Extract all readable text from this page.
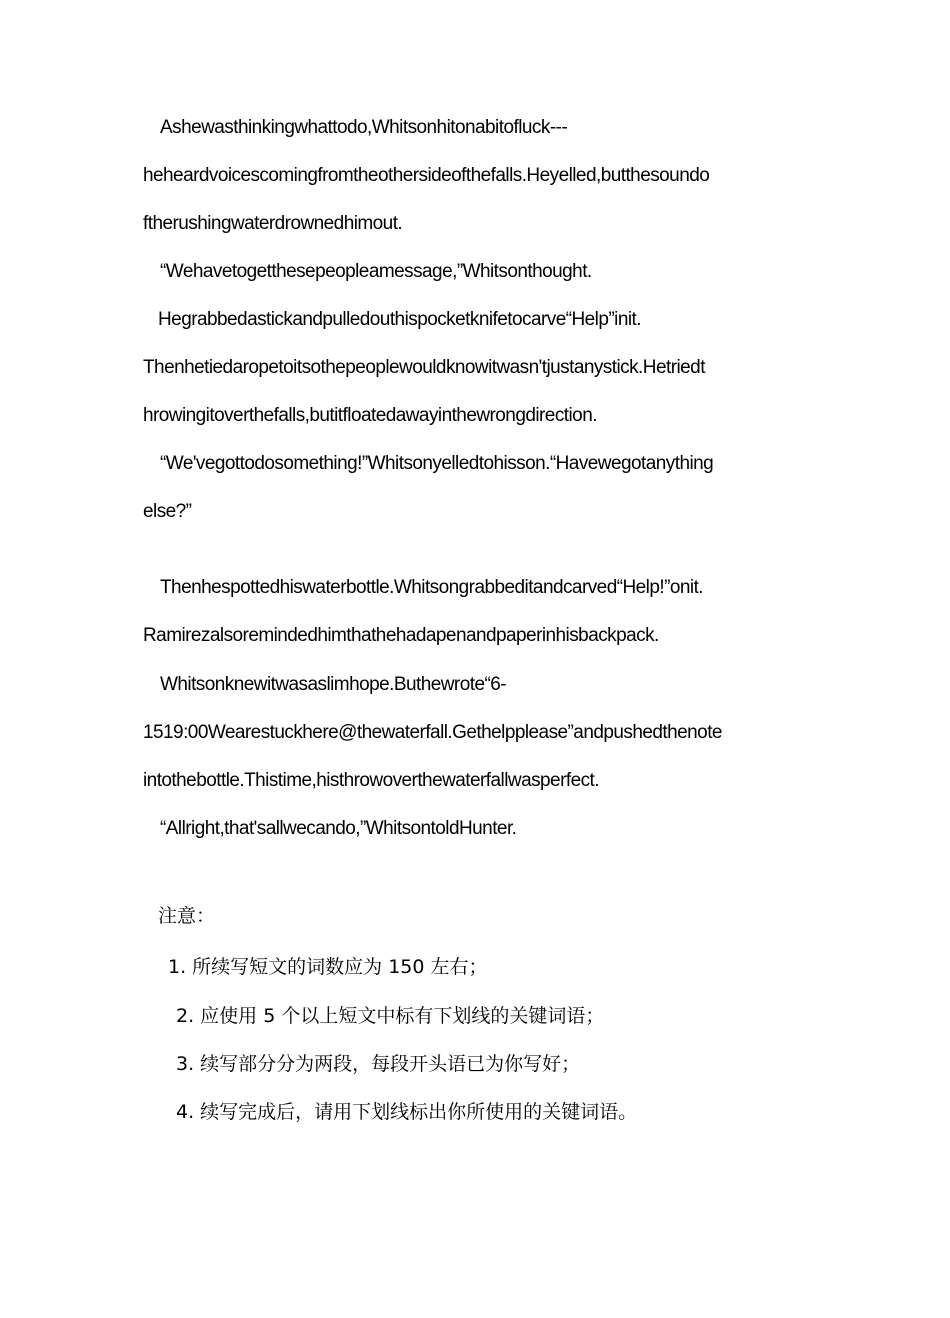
Ashewasthinkingwhattodo,Whitsonhitonabitofluck---
heheardvoicescomingfromtheothersideofthefalls.Heyelled,butthesoundo
ftherushingwaterdrownedhimout.
“Wehavetogetthesepeopleamessage,”Whitsonthought.
Hegrabbedastickandpulledouthispocketknifetocarve“Help”init.
Thenhetiedaropetoitsothepeoplewouldknowitwasn'tjustanystick.Hetriedt
hrowingitoverthefalls,butitfloatedawayinthewrongdirection.
“We'vegottodosomething!”Whitsonyelledtohisson.“Havewegotanything
else?”
Thenhespottedhiswaterbottle.Whitsongrabbeditandcarved“Help!”onit.
Ramirezalsoremindedhimthathehadapenandpaperinhisbackpack.
Whitsonknewitwasaslimhope.Buthewrote“6-
1519:00Wearestuckhere@thewaterfall.Gethelpplease”andpushedthenote
intothebottle.Thistime,histhrowoverthewaterfallwasperfect.
“Allright,that'sallwecando,”WhitsontoldHunter.
注意：
1. 所续写短文的词数应为 150 左右；
2. 应使用 5 个以上短文中标有下划线的关键词语；
3. 续写部分分为两段，每段开头语已为你写好；
4. 续写完成后，请用下划线标出你所使用的关键词语。
